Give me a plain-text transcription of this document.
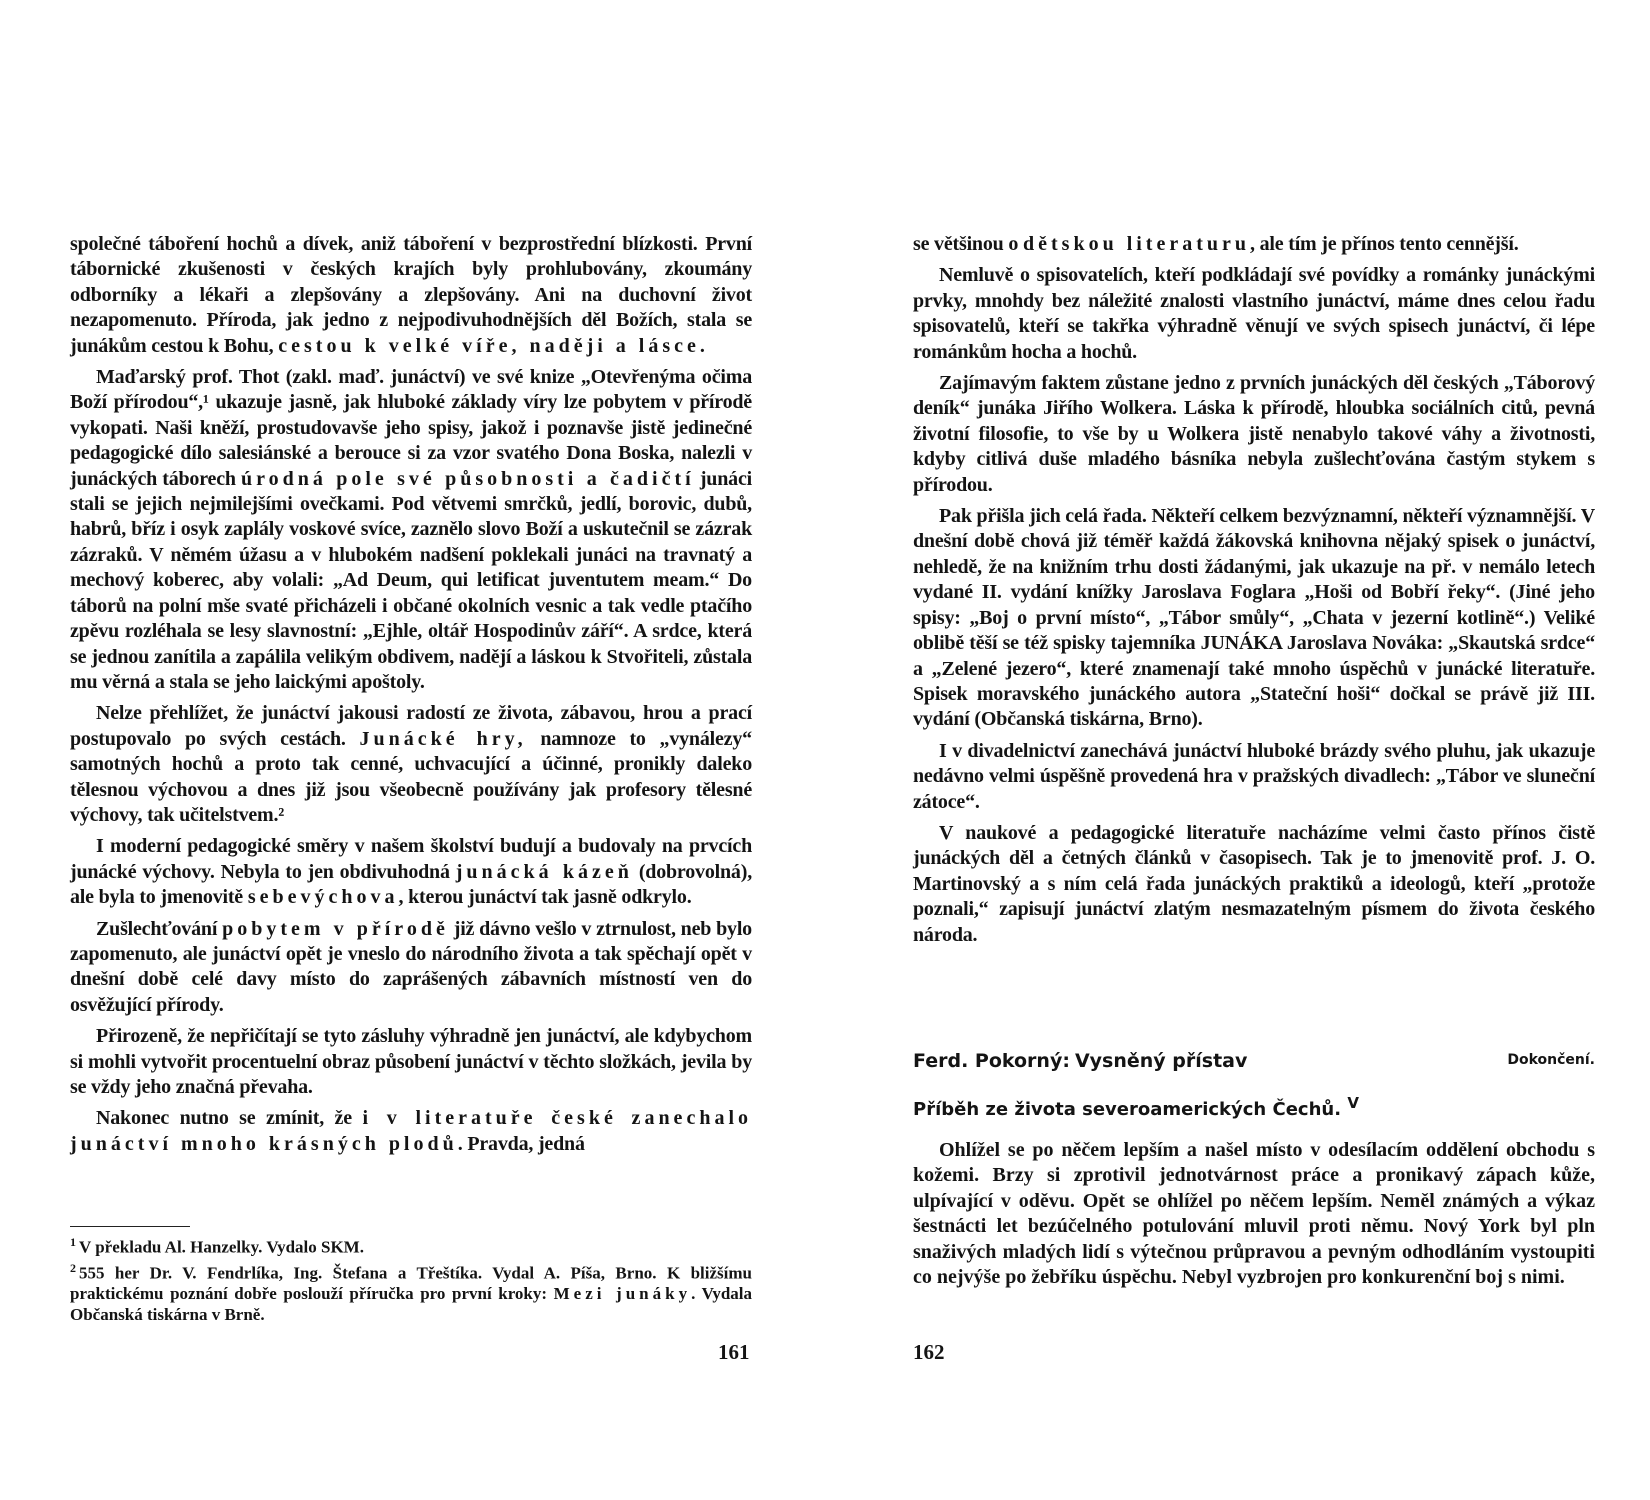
společné táboření hochů a dívek, aniž táboření v bezprostřední blízkosti. První tábornické zkušenosti v českých krajích byly prohlubovány, zkoumány odborníky a lékaři a zlepšovány a zlepšovány. Ani na duchovní život nezapomenuto. Příroda, jak jedno z nejpodivuhodnějších děl Božích, stala se junákům cestou k Bohu, cestou k velké víře, naději a lásce.

Maďarský prof. Thot (zakl. maď. junáctví) ve své knize „Otevřenýma očima Boží přírodou“,¹ ukazuje jasně, jak hluboké základy víry lze pobytem v přírodě vykopati. Naši kněží, prostudovavše jeho spisy, jakož i poznavše jistě jedinečné pedagogické dílo salesiánské a berouce si za vzor svatého Dona Boska, nalezli v junáckých táborech úrodná pole své působnosti a čadičtí junáci stali se jejich nejmilejšími ovečkami. Pod větvemi smrčků, jedlí, borovic, dubů, habrů, bříz i osyk zaplály voskové svíce, zaznělo slovo Boží a uskutečnil se zázrak zázraků. V němém úžasu a v hlubokém nadšení poklekali junáci na travnatý a mechový koberec, aby volali: „Ad Deum, qui letificat juventutem meam.“ Do táborů na polní mše svaté přicházeli i občané okolních vesnic a tak vedle ptačího zpěvu rozléhala se lesy slavnostní: „Ejhle, oltář Hospodinův září“. A srdce, která se jednou zanítila a zapálila velikým obdivem, nadějí a láskou k Stvořiteli, zůstala mu věrná a stala se jeho laickými apoštoly.

Nelze přehlížet, že junáctví jakousi radostí ze života, zábavou, hrou a prací postupovalo po svých cestách. Junácké hry, namnoze to „vynálezy“ samotných hochů a proto tak cenné, uchvacující a účinné, pronikly daleko tělesnou výchovou a dnes již jsou všeobecně používány jak profesory tělesné výchovy, tak učitelstvem.²

I moderní pedagogické směry v našem školství budují a budovaly na prvcích junácké výchovy. Nebyla to jen obdivuhodná junácká kázeň (dobrovolná), ale byla to jmenovitě sebevýchova, kterou junáctví tak jasně odkrylo.

Zušlechťování pobytem v přírodě již dávno vešlo v ztrnulost, neb bylo zapomenuto, ale junáctví opět je vneslo do národního života a tak spěchají opět v dnešní době celé davy místo do zaprášených zábavních místností ven do osvěžující přírody.

Přirozeně, že nepřičítají se tyto zásluhy výhradně jen junáctví, ale kdybychom si mohli vytvořit procentuelní obraz působení junáctví v těchto složkách, jevila by se vždy jeho značná převaha.

Nakonec nutno se zmínit, že i v literatuře české zanechalo junáctví mnoho krásných plodů. Pravda, jedná

$^1$ V překladu Al. Hanzelky. Vydalo SKM.
$^2$ 555 her Dr. V. Fendrlíka, Ing. Štefana a Třeštíka. Vydal A. Píša, Brno. K bližšímu praktickému poznání dobře poslouží příručka pro první kroky: Mezi junáky. Vydala Občanská tiskárna v Brně.
161

se většinou o dětskou literaturu, ale tím je přínos tento cennější.

Nemluvě o spisovatelích, kteří podkládají své povídky a románky junáckými prvky, mnohdy bez náležité znalosti vlastního junáctví, máme dnes celou řadu spisovatelů, kteří se takřka výhradně věnují ve svých spisech junáctví, či lépe románkům hocha a hochů.

Zajímavým faktem zůstane jedno z prvních junáckých děl českých „Táborový deník“ junáka Jiřího Wolkera. Láska k přírodě, hloubka sociálních citů, pevná životní filosofie, to vše by u Wolkera jistě nenabylo takové váhy a životnosti, kdyby citlivá duše mladého básníka nebyla zušlechťována častým stykem s přírodou.

Pak přišla jich celá řada. Někteří celkem bezvýznamní, někteří významnější. V dnešní době chová již téměř každá žákovská knihovna nějaký spisek o junáctví, nehledě, že na knižním trhu dosti žádanými, jak ukazuje na př. v nemálo letech vydané II. vydání knížky Jaroslava Foglara „Hoši od Bobří řeky“. (Jiné jeho spisy: „Boj o první místo“, „Tábor smůly“, „Chata v jezerní kotlině“.) Veliké oblibě těší se též spisky tajemníka JUNÁKA Jaroslava Nováka: „Skautská srdce“ a „Zelené jezero“, které znamenají také mnoho úspěchů v junácké literatuře. Spisek moravského junáckého autora „Stateční hoši“ dočkal se právě již III. vydání (Občanská tiskárna, Brno).

I v divadelnictví zanechává junáctví hluboké brázdy svého pluhu, jak ukazuje nedávno velmi úspěšně provedená hra v pražských divadlech: „Tábor ve sluneční zátoce“.

V naukové a pedagogické literatuře nacházíme velmi často přínos čistě junáckých děl a četných článků v časopisech. Tak je to jmenovitě prof. J. O. Martinovský a s ním celá řada junáckých praktiků a ideologů, kteří „protože poznali,“ zapisují junáctví zlatým nesmazatelným písmem do života českého národa.

Ferd. Pokorný: Vysněný přístav	Dokončení.
Příběh ze života severoamerických Čechů. $^V$

Ohlížel se po něčem lepším a našel místo v odesílacím oddělení obchodu s kožemi. Brzy si zprotivil jednotvárnost práce a pronikavý zápach kůže, ulpívající v oděvu. Opět se ohlížel po něčem lepším. Neměl známých a výkaz šestnácti let bezúčelného potulování mluvil proti němu. Nový York byl pln snaživých mladých lidí s výtečnou průpravou a pevným odhodláním vystoupiti co nejvýše po žebříku úspěchu. Nebyl vyzbrojen pro konkurenční boj s nimi.

162
